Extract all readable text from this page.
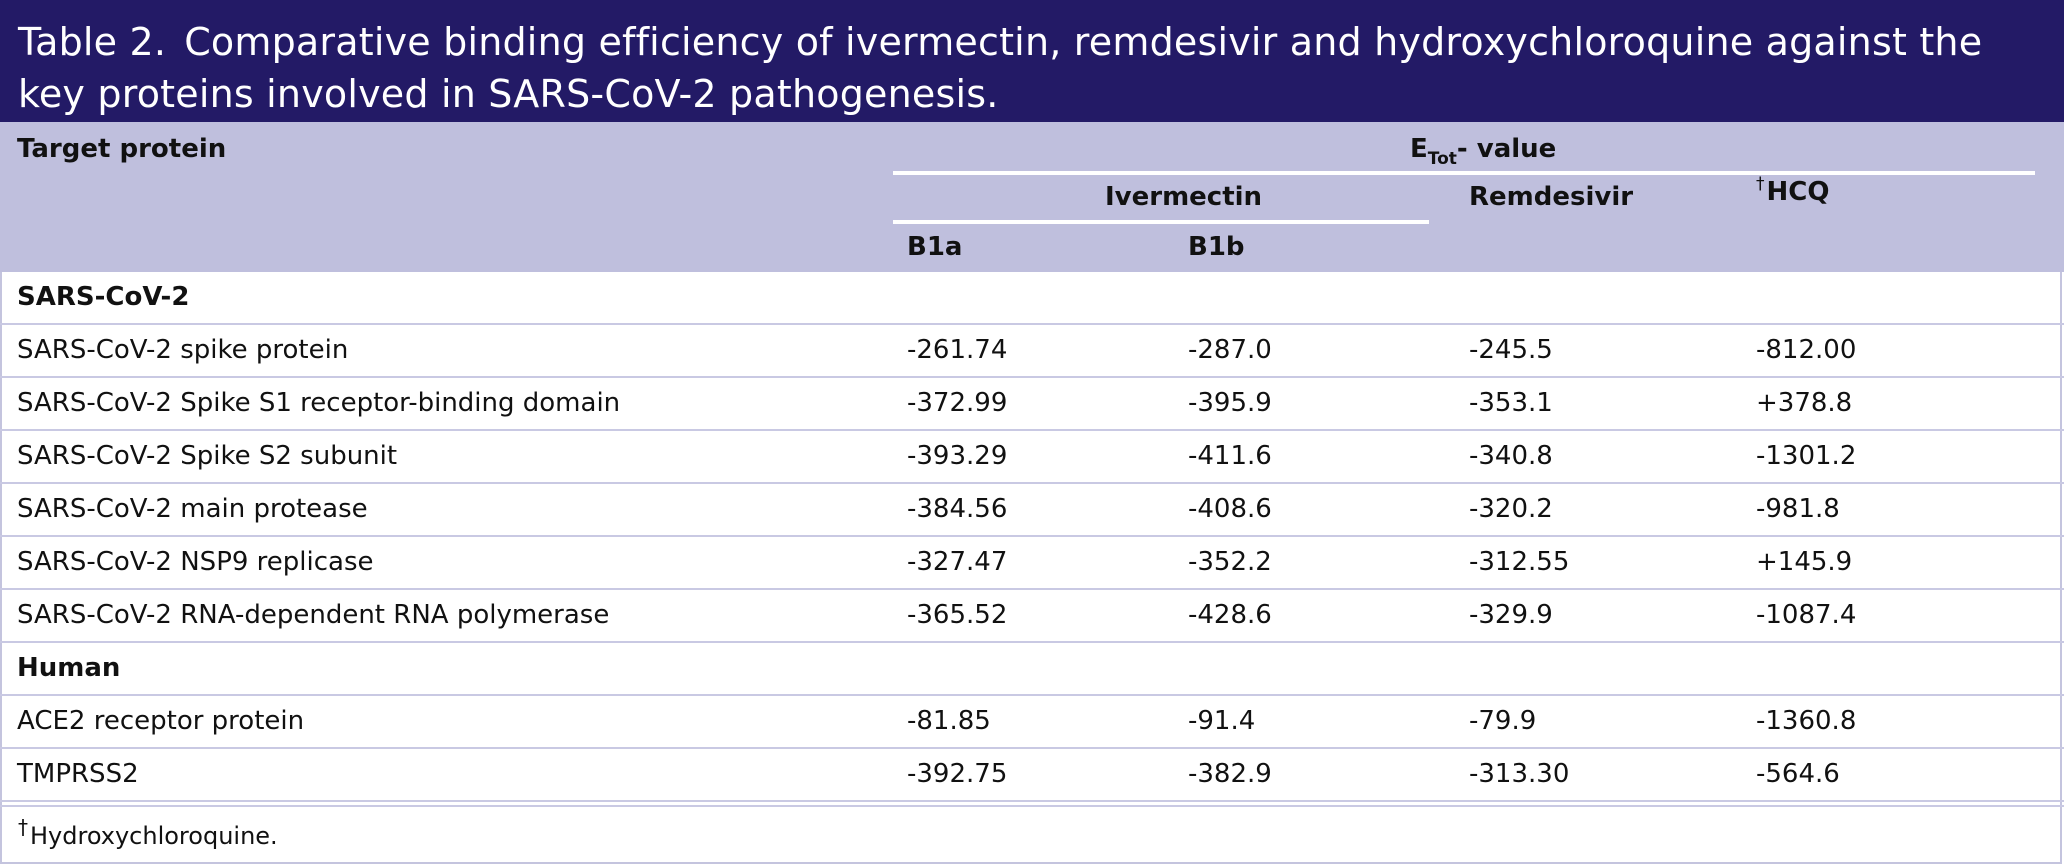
Table 2. Comparative binding efficiency of ivermectin, remdesivir and hydroxychloroquine against the key proteins involved in SARS-CoV-2 pathogenesis.
Target protein	$E_{Tot}-$ value
Ivermectin	Remdesivir	†HCQ
B1a	B1b
SARS-CoV-2
SARS-CoV-2 spike protein	-261.74	-287.0	-245.5	-812.00
SARS-CoV-2 Spike S1 receptor-binding domain	-372.99	-395.9	-353.1	+378.8
SARS-CoV-2 Spike S2 subunit	-393.29	-411.6	-340.8	-1301.2
SARS-CoV-2 main protease	-384.56	-408.6	-320.2	-981.8
SARS-CoV-2 NSP9 replicase	-327.47	-352.2	-312.55	+145.9
SARS-CoV-2 RNA-dependent RNA polymerase	-365.52	-428.6	-329.9	-1087.4
Human
ACE2 receptor protein	-81.85	-91.4	-79.9	-1360.8
TMPRSS2	-392.75	-382.9	-313.30	-564.6
†Hydroxychloroquine.
